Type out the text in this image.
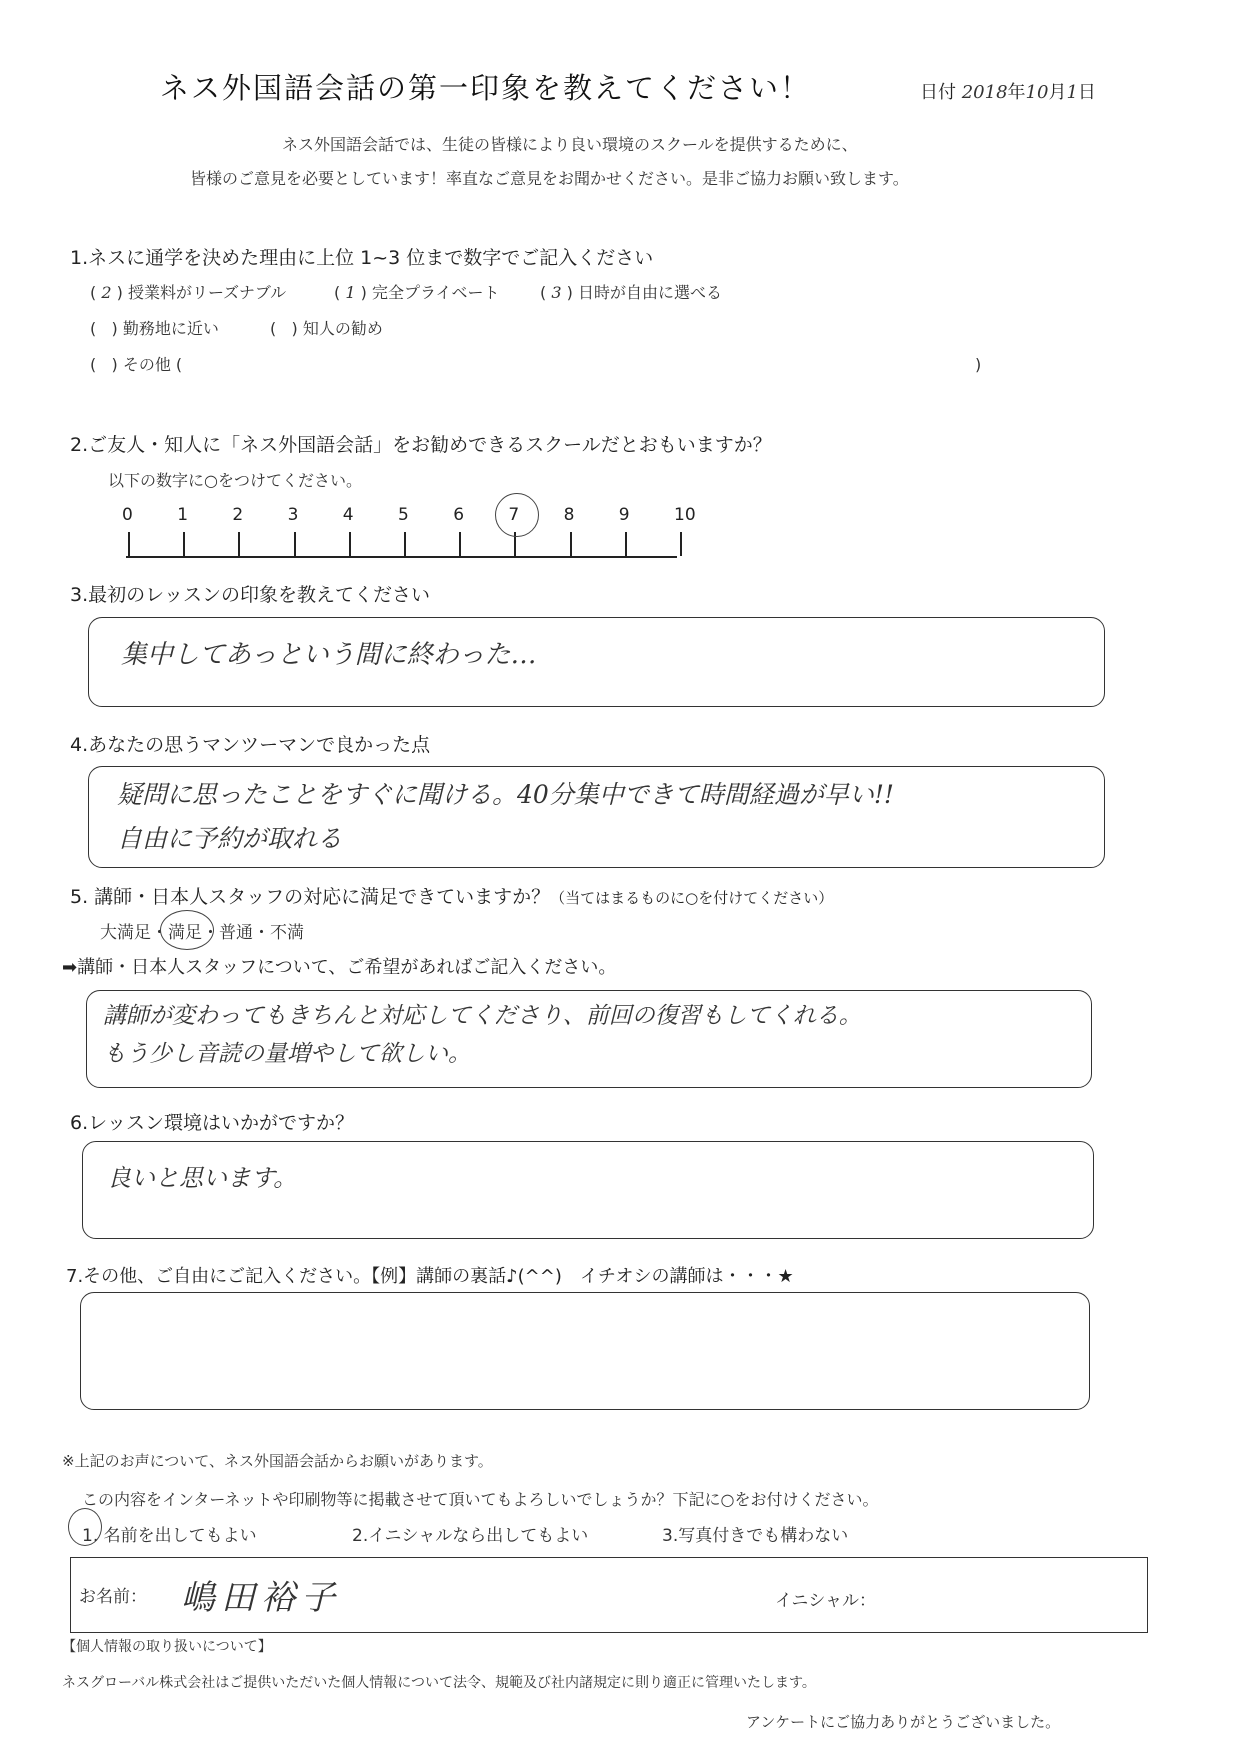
ネス外国語会話の第一印象を教えてください！	日付 2018年10月1日
ネス外国語会話では、生徒の皆様により良い環境のスクールを提供するために、
皆様のご意見を必要としています！率直なご意見をお聞かせください。是非ご協力お願い致します。
1.ネスに通学を決めた理由に上位 1~3 位まで数字でご記入ください
( 2 ) 授業料がリーズナブル	( 1 ) 完全プライベート	( 3 ) 日時が自由に選べる
(   ) 勤務地に近い	(   ) 知人の勧め
(   ) その他 (	)
2.ご友人・知人に「ネス外国語会話」をお勧めできるスクールだとおもいますか？
以下の数字に○をつけてください。
0	1	2	3	4	5	6	7	8	9	10
3.最初のレッスンの印象を教えてください
集中してあっという間に終わった…
4.あなたの思うマンツーマンで良かった点
疑問に思ったことをすぐに聞ける。40分集中できて時間経過が早い!!
自由に予約が取れる
5. 講師・日本人スタッフの対応に満足できていますか？（当てはまるものに○を付けてください）
大満足・
満足・普通・不満
➡講師・日本人スタッフについて、ご希望があればご記入ください。
講師が変わってもきちんと対応してくださり、前回の復習もしてくれる。
もう少し音読の量増やして欲しい。
6.レッスン環境はいかがですか？
良いと思います。
7.その他、ご自由にご記入ください。【例】講師の裏話♪(^^)　イチオシの講師は・・・★
※上記のお声について、ネス外国語会話からお願いがあります。
この内容をインターネットや印刷物等に掲載させて頂いてもよろしいでしょうか？下記に○をお付けください。
1. 名前を出してもよい	2.イニシャルなら出してもよい	3.写真付きでも構わない
お名前： 嶋田裕子	イニシャル：
【個人情報の取り扱いについて】
ネスグローバル株式会社はご提供いただいた個人情報について法令、規範及び社内諸規定に則り適正に管理いたします。
アンケートにご協力ありがとうございました。
